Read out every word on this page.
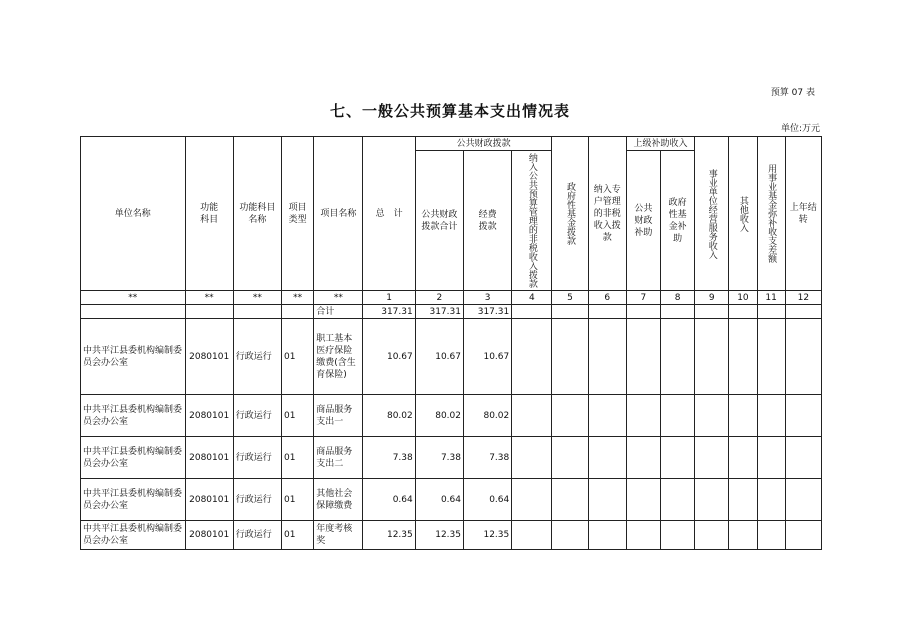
预算 07 表
七、一般公共预算基本支出情况表
单位:万元
单位名称	功能科目	功能科目名称	项目类型	项目名称	总　计	公共财政拨款			政府性基金拨款	纳入专户管理的非税收入拨款	上级补助收入		事业单位经营服务收入	其他收入	用事业基金弥补收支差额	上年结转
						公共财政拨款合计	经费拨款	纳入公共预算管理的非税收入拨款			公共财政补助	政府性基金补助				
**	**	**	**	**	1	2	3	4	5	6	7	8	9	10	11	12
				合计	317.31	317.31	317.31									
中共平江县委机构编制委员会办公室	2080101	行政运行	01	职工基本医疗保险缴费(含生育保险)	10.67	10.67	10.67									
中共平江县委机构编制委员会办公室	2080101	行政运行	01	商品服务支出一	80.02	80.02	80.02									
中共平江县委机构编制委员会办公室	2080101	行政运行	01	商品服务支出二	7.38	7.38	7.38									
中共平江县委机构编制委员会办公室	2080101	行政运行	01	其他社会保障缴费	0.64	0.64	0.64									
中共平江县委机构编制委员会办公室	2080101	行政运行	01	年度考核奖	12.35	12.35	12.35									
